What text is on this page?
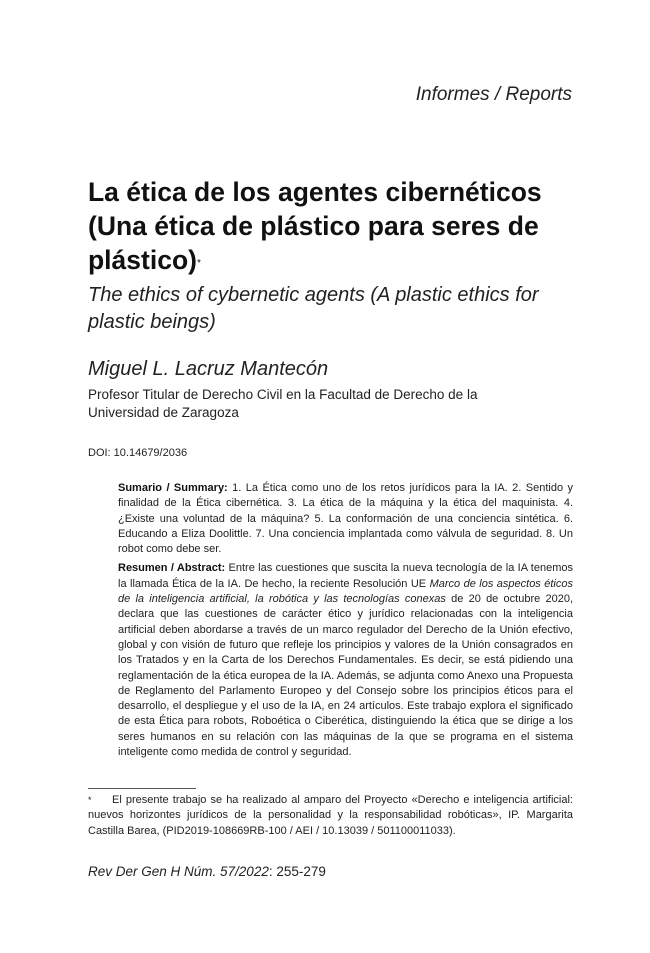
Informes / Reports
La ética de los agentes cibernéticos (Una ética de plástico para seres de plástico)*
The ethics of cybernetic agents (A plastic ethics for plastic beings)
Miguel L. Lacruz Mantecón
Profesor Titular de Derecho Civil en la Facultad de Derecho de la Universidad de Zaragoza
DOI: 10.14679/2036

Sumario / Summary: 1. La Ética como uno de los retos jurídicos para la IA. 2. Sentido y finalidad de la Ética cibernética. 3. La ética de la máquina y la ética del maquinista. 4. ¿Existe una voluntad de la máquina? 5. La conformación de una conciencia sintética. 6. Educando a Eliza Doolittle. 7. Una conciencia implantada como válvula de seguridad. 8. Un robot como debe ser.

Resumen / Abstract: Entre las cuestiones que suscita la nueva tecnología de la IA tenemos la llamada Ética de la IA. De hecho, la reciente Resolución UE Marco de los aspectos éticos de la inteligencia artificial, la robótica y las tecnologías conexas de 20 de octubre 2020, declara que las cuestiones de carácter ético y jurídico relacionadas con la inteligencia artificial deben abordarse a través de un marco regulador del Derecho de la Unión efectivo, global y con visión de futuro que refleje los principios y valores de la Unión consagrados en los Tratados y en la Carta de los Derechos Fundamentales. Es decir, se está pidiendo una reglamentación de la ética europea de la IA. Además, se adjunta como Anexo una Propuesta de Reglamento del Parlamento Europeo y del Consejo sobre los principios éticos para el desarrollo, el despliegue y el uso de la IA, en 24 artículos. Este trabajo explora el significado de esta Ética para robots, Roboética o Ciberética, distinguiendo la ética que se dirige a los seres humanos en su relación con las máquinas de la que se programa en el sistema inteligente como medida de control y seguridad.

* El presente trabajo se ha realizado al amparo del Proyecto «Derecho e inteligencia artificial: nuevos horizontes jurídicos de la personalidad y la responsabilidad robóticas», IP. Margarita Castilla Barea, (PID2019-108669RB-100 / AEI / 10.13039 / 501100011033).
Rev Der Gen H Núm. 57/2022: 255-279
